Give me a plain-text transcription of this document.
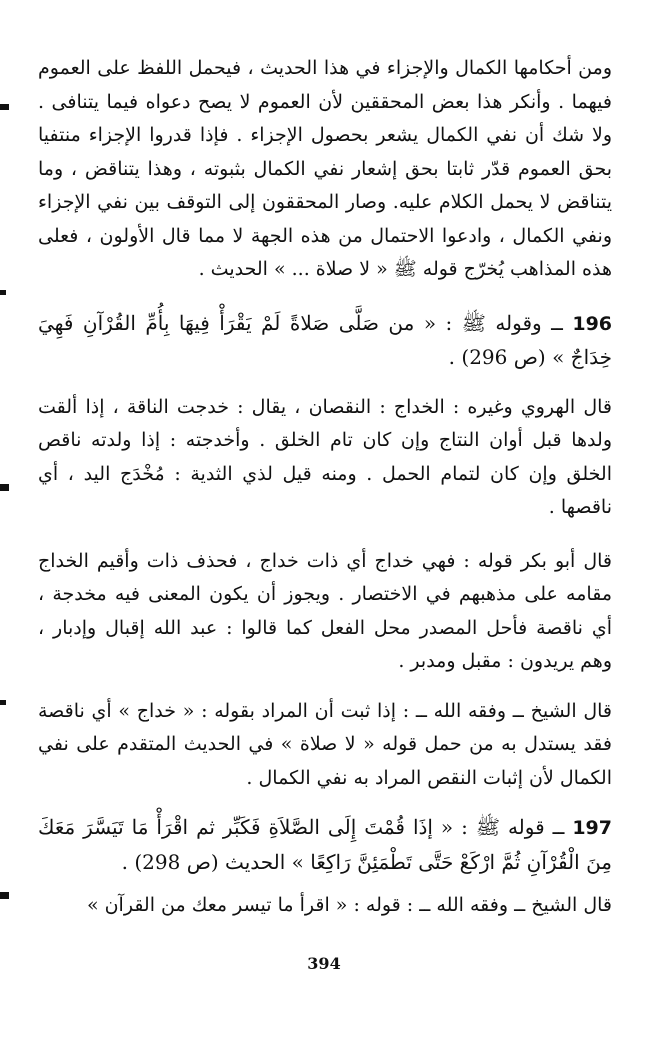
ومن أحكامها الكمال والإجزاء في هذا الحديث ، فيحمل اللفظ على العموم فيهما . وأنكر هذا بعض المحققين لأن العموم لا يصح دعواه فيما يتنافى . ولا شك أن نفي الكمال يشعر بحصول الإجزاء . فإذا قدروا الإجزاء منتفيا بحق العموم قدّر ثابتا بحق إشعار نفي الكمال بثبوته ، وهذا يتناقض ، وما يتناقض لا يحمل الكلام عليه. وصار المحققون إلى التوقف بين نفي الإجزاء ونفي الكمال ، وادعوا الاحتمال من هذه الجهة لا مما قال الأولون ، فعلى هذه المذاهب يُخرّج قوله ﷺ « لا صلاة ... » الحديث .

196 ــ وقوله ﷺ : « من صَلَّى صَلاةً لَمْ يَقْرَأْ فِيهَا بِأُمِّ القُرْآنِ فَهِيَ خِدَاجٌ » (ص 296) .

قال الهروي وغيره : الخداج : النقصان ، يقال : خدجت الناقة ، إذا ألقت ولدها قبل أوان النتاج وإن كان تام الخلق . وأخدجته : إذا ولدته ناقص الخلق وإن كان لتمام الحمل . ومنه قيل لذي الثدية : مُخْدَج اليد ، أي ناقصها .

قال أبو بكر قوله : فهي خداج أي ذات خداج ، فحذف ذات وأقيم الخداج مقامه على مذهبهم في الاختصار . ويجوز أن يكون المعنى فيه مخدجة ، أي ناقصة فأحل المصدر محل الفعل كما قالوا : عبد الله إقبال وإدبار ، وهم يريدون : مقبل ومدبر .

قال الشيخ ــ وفقه الله ــ : إذا ثبت أن المراد بقوله : « خداج » أي ناقصة فقد يستدل به من حمل قوله « لا صلاة » في الحديث المتقدم على نفي الكمال لأن إثبات النقص المراد به نفي الكمال .

197 ــ قوله ﷺ : « إذَا قُمْتَ إِلَى الصَّلاَةِ فَكَبِّر ثم اقْرَأْ مَا تَيَسَّرَ مَعَكَ مِنَ الْقُرْآنِ ثُمَّ ارْكَعْ حَتَّى تَطْمَئِنَّ رَاكِعًا » الحديث (ص 298) .

قال الشيخ ــ وفقه الله ــ : قوله : « اقرأ ما تيسر معك من القرآن »

394
